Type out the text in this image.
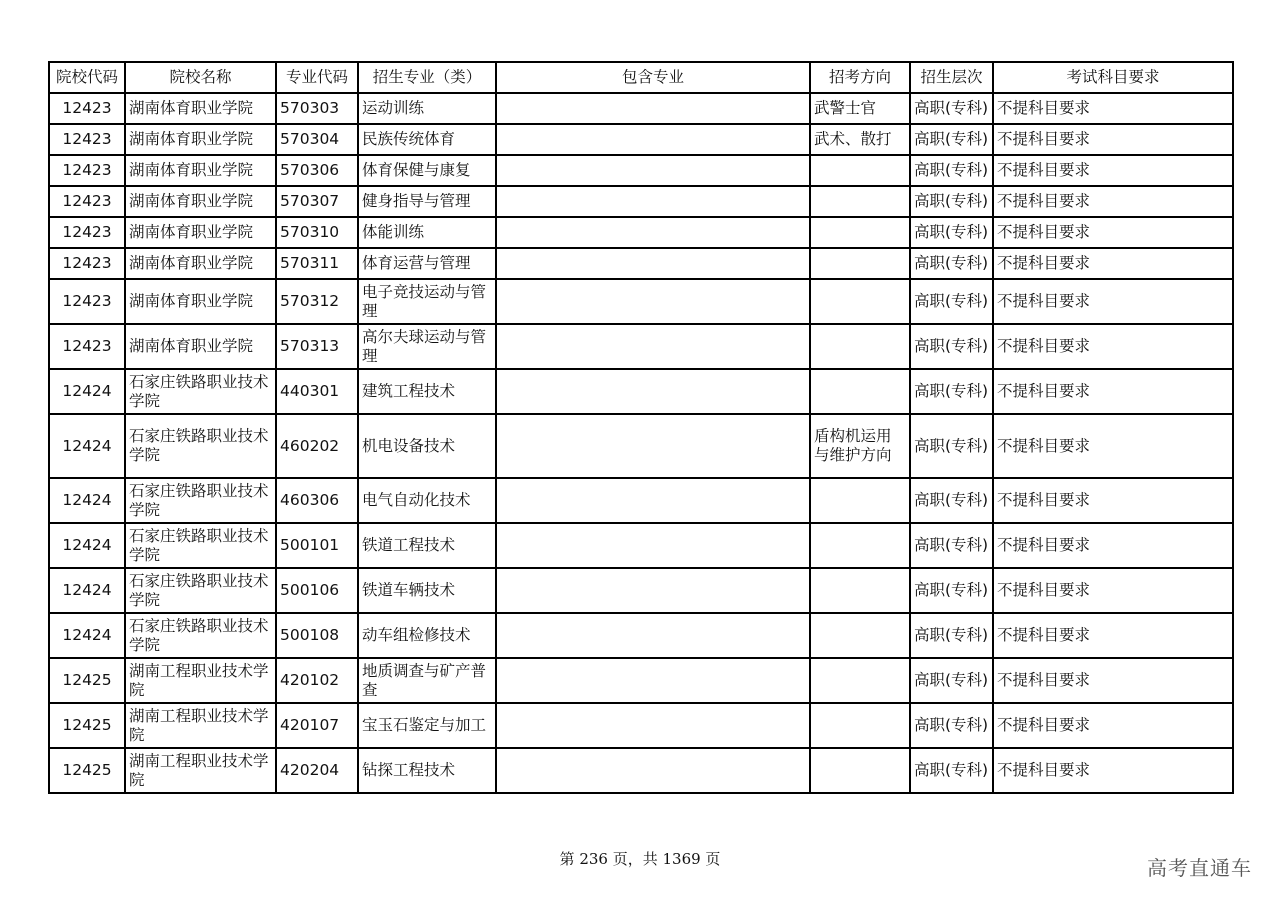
院校代码	院校名称	专业代码	招生专业（类）	包含专业	招考方向	招生层次	考试科目要求
12423	湖南体育职业学院	570303	运动训练		武警士官	高职(专科)	不提科目要求
12423	湖南体育职业学院	570304	民族传统体育		武术、散打	高职(专科)	不提科目要求
12423	湖南体育职业学院	570306	体育保健与康复			高职(专科)	不提科目要求
12423	湖南体育职业学院	570307	健身指导与管理			高职(专科)	不提科目要求
12423	湖南体育职业学院	570310	体能训练			高职(专科)	不提科目要求
12423	湖南体育职业学院	570311	体育运营与管理			高职(专科)	不提科目要求
12423	湖南体育职业学院	570312	电子竞技运动与管理			高职(专科)	不提科目要求
12423	湖南体育职业学院	570313	高尔夫球运动与管理			高职(专科)	不提科目要求
12424	石家庄铁路职业技术学院	440301	建筑工程技术			高职(专科)	不提科目要求
12424	石家庄铁路职业技术学院	460202	机电设备技术		盾构机运用与维护方向	高职(专科)	不提科目要求
12424	石家庄铁路职业技术学院	460306	电气自动化技术			高职(专科)	不提科目要求
12424	石家庄铁路职业技术学院	500101	铁道工程技术			高职(专科)	不提科目要求
12424	石家庄铁路职业技术学院	500106	铁道车辆技术			高职(专科)	不提科目要求
12424	石家庄铁路职业技术学院	500108	动车组检修技术			高职(专科)	不提科目要求
12425	湖南工程职业技术学院	420102	地质调查与矿产普查			高职(专科)	不提科目要求
12425	湖南工程职业技术学院	420107	宝玉石鉴定与加工			高职(专科)	不提科目要求
12425	湖南工程职业技术学院	420204	钻探工程技术			高职(专科)	不提科目要求
第 236 页，共 1369 页	高考直通车
